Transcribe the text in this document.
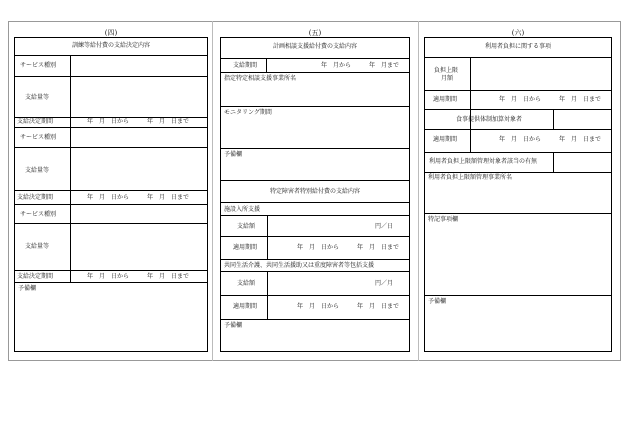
(四)	(五)	(六)
訓練等給付費の支給決定内容
サービス種別
支給量等
支給決定期間	年　月　日から　　　年　月　日まで
サービス種別
支給量等
支給決定期間	年　月　日から　　　年　月　日まで
サービス種別
支給量等
支給決定期間	年　月　日から　　　年　月　日まで
予備欄
計画相談支援給付費の支給内容
支給期間	年　月から　　　年　月まで
指定特定相談支援事業所名
モニタリング期間
予備欄
特定障害者特別給付費の支給内容
施設入所支援
支給額	円／日
適用期間	年　月　日から　　　年　月　日まで
共同生活介護、共同生活援助又は重度障害者等包括支援
支給額	円／月
適用期間	年　月　日から　　　年　月　日まで
予備欄
利用者負担に関する事項
負担上限
月額
適用期間	年　月　日から　　　年　月　日まで
食事提供体制加算対象者
適用期間	年　月　日から　　　年　月　日まで
利用者負担上限額管理対象者該当の有無
利用者負担上限額管理事業所名
特記事項欄
予備欄
